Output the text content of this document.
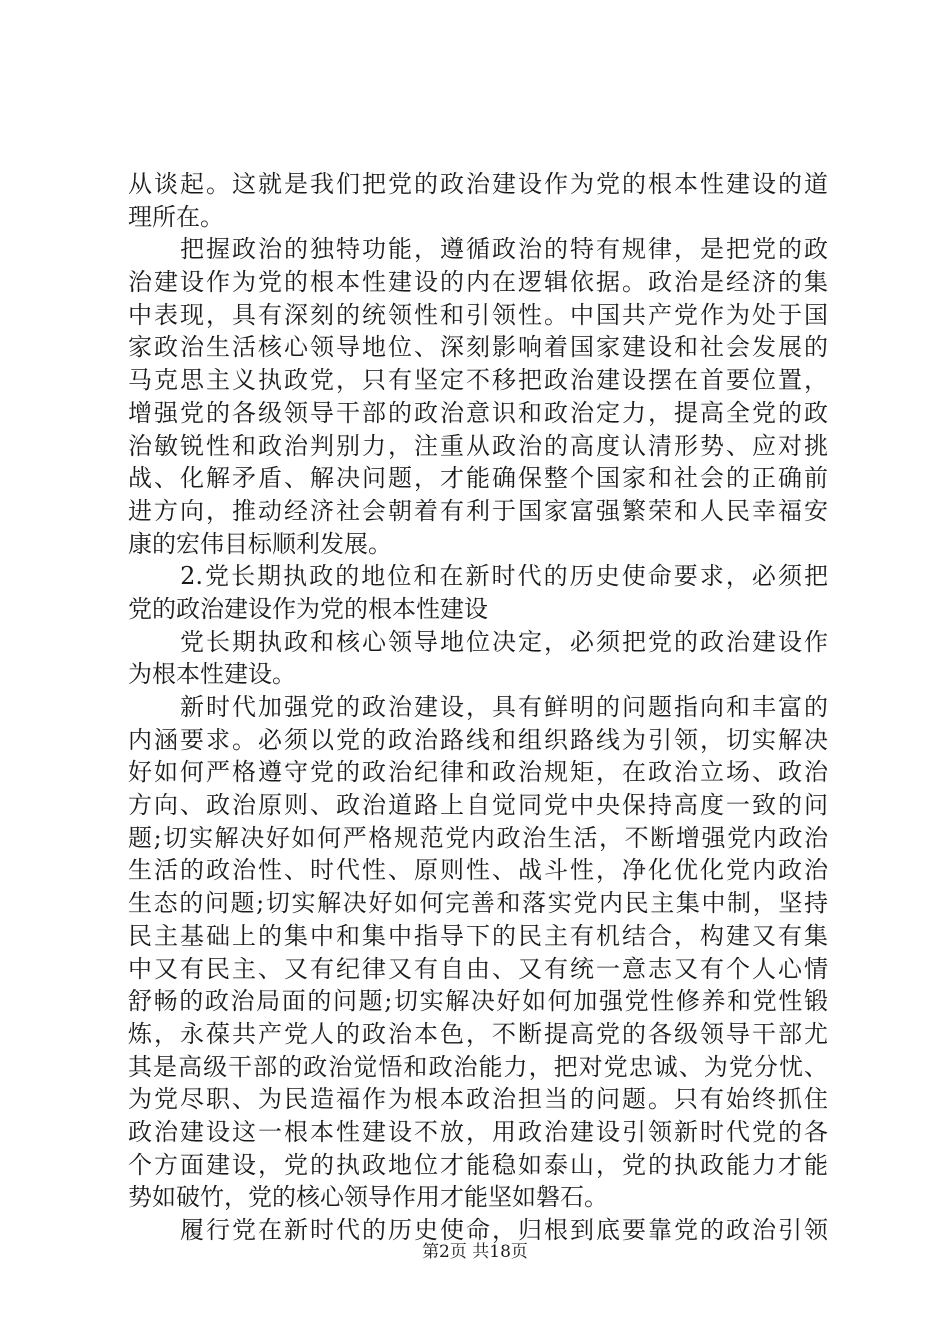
从谈起。这就是我们把党的政治建设作为党的根本性建设的道
理所在。
　　把握政治的独特功能，遵循政治的特有规律，是把党的政
治建设作为党的根本性建设的内在逻辑依据。政治是经济的集
中表现，具有深刻的统领性和引领性。中国共产党作为处于国
家政治生活核心领导地位、深刻影响着国家建设和社会发展的
马克思主义执政党，只有坚定不移把政治建设摆在首要位置，
增强党的各级领导干部的政治意识和政治定力，提高全党的政
治敏锐性和政治判别力，注重从政治的高度认清形势、应对挑
战、化解矛盾、解决问题，才能确保整个国家和社会的正确前
进方向，推动经济社会朝着有利于国家富强繁荣和人民幸福安
康的宏伟目标顺利发展。
　　2.党长期执政的地位和在新时代的历史使命要求，必须把
党的政治建设作为党的根本性建设
　　党长期执政和核心领导地位决定，必须把党的政治建设作
为根本性建设。
　　新时代加强党的政治建设，具有鲜明的问题指向和丰富的
内涵要求。必须以党的政治路线和组织路线为引领，切实解决
好如何严格遵守党的政治纪律和政治规矩，在政治立场、政治
方向、政治原则、政治道路上自觉同党中央保持高度一致的问
题;切实解决好如何严格规范党内政治生活，不断增强党内政治
生活的政治性、时代性、原则性、战斗性，净化优化党内政治
生态的问题;切实解决好如何完善和落实党内民主集中制，坚持
民主基础上的集中和集中指导下的民主有机结合，构建又有集
中又有民主、又有纪律又有自由、又有统一意志又有个人心情
舒畅的政治局面的问题;切实解决好如何加强党性修养和党性锻
炼，永葆共产党人的政治本色，不断提高党的各级领导干部尤
其是高级干部的政治觉悟和政治能力，把对党忠诚、为党分忧、
为党尽职、为民造福作为根本政治担当的问题。只有始终抓住
政治建设这一根本性建设不放，用政治建设引领新时代党的各
个方面建设，党的执政地位才能稳如泰山，党的执政能力才能
势如破竹，党的核心领导作用才能坚如磐石。
　　履行党在新时代的历史使命，归根到底要靠党的政治引领
第2页 共18页
